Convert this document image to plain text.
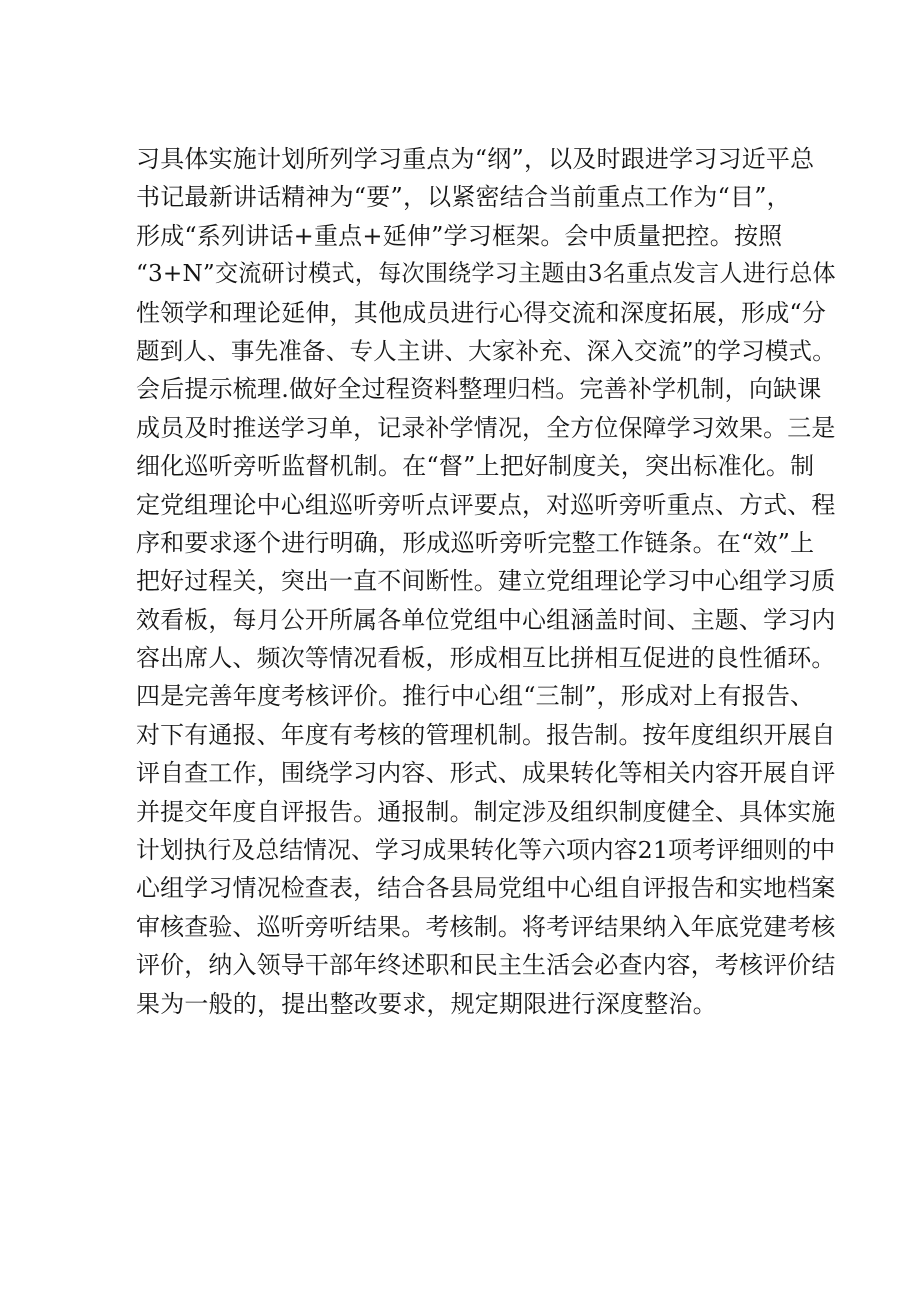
习具体实施计划所列学习重点为“纲”，以及时跟进学习习近平总
书记最新讲话精神为“要”，以紧密结合当前重点工作为“目”，
形成“系列讲话+重点+延伸”学习框架。会中质量把控。按照
“3+N”交流研讨模式，每次围绕学习主题由3名重点发言人进行总体
性领学和理论延伸，其他成员进行心得交流和深度拓展，形成“分
题到人、事先准备、专人主讲、大家补充、深入交流”的学习模式。
会后提示梳理.做好全过程资料整理归档。完善补学机制，向缺课
成员及时推送学习单，记录补学情况，全方位保障学习效果。三是
细化巡听旁听监督机制。在“督”上把好制度关，突出标准化。制
定党组理论中心组巡听旁听点评要点，对巡听旁听重点、方式、程
序和要求逐个进行明确，形成巡听旁听完整工作链条。在“效”上
把好过程关，突出一直不间断性。建立党组理论学习中心组学习质
效看板，每月公开所属各单位党组中心组涵盖时间、主题、学习内
容出席人、频次等情况看板，形成相互比拼相互促进的良性循环。
四是完善年度考核评价。推行中心组“三制”，形成对上有报告、
对下有通报、年度有考核的管理机制。报告制。按年度组织开展自
评自查工作，围绕学习内容、形式、成果转化等相关内容开展自评
并提交年度自评报告。通报制。制定涉及组织制度健全、具体实施
计划执行及总结情况、学习成果转化等六项内容21项考评细则的中
心组学习情况检查表，结合各县局党组中心组自评报告和实地档案
审核查验、巡听旁听结果。考核制。将考评结果纳入年底党建考核
评价，纳入领导干部年终述职和民主生活会必查内容，考核评价结
果为一般的，提出整改要求，规定期限进行深度整治。
